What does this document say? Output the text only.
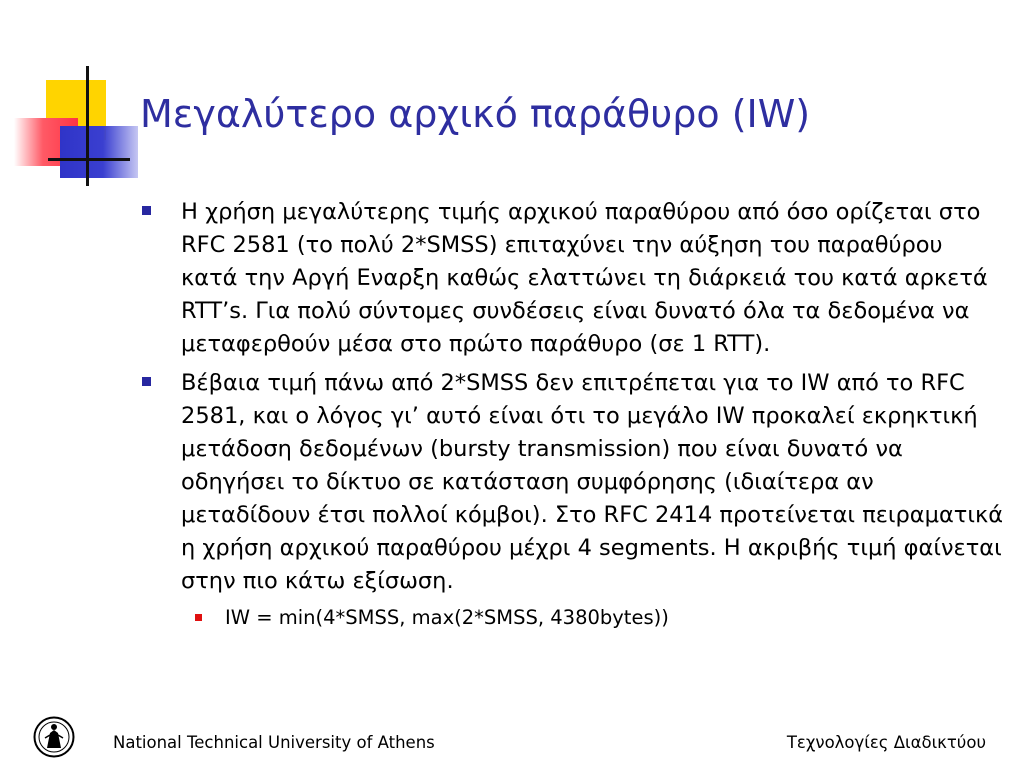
Μεγαλύτερο αρχικό παράθυρο (IW)
Η χρήση μεγαλύτερης τιμής αρχικού παραθύρου από όσο ορίζεται στο RFC 2581 (το πολύ 2*SMSS) επιταχύνει την αύξηση του παραθύρου κατά την Αργή Εναρξη καθώς ελαττώνει τη διάρκειά του κατά αρκετά RTT’s. Για πολύ σύντομες συνδέσεις είναι δυνατό όλα τα δεδομένα να μεταφερθούν μέσα στο πρώτο παράθυρο (σε 1 RTT).
Βέβαια τιμή πάνω από 2*SMSS δεν επιτρέπεται για το IW από το RFC 2581, και ο λόγος γι’ αυτό είναι ότι το μεγάλο IW προκαλεί εκρηκτική μετάδοση δεδομένων (bursty transmission) που είναι δυνατό να οδηγήσει το δίκτυο σε κατάσταση συμφόρησης (ιδιαίτερα αν μεταδίδουν έτσι πολλοί κόμβοι). Στο RFC 2414 προτείνεται πειραματικά η χρήση αρχικού παραθύρου μέχρι 4 segments. Η ακριβής τιμή φαίνεται στην πιο κάτω εξίσωση.
IW = min(4*SMSS, max(2*SMSS, 4380bytes))
National Technical University of Athens	Τεχνολογίες Διαδικτύου
